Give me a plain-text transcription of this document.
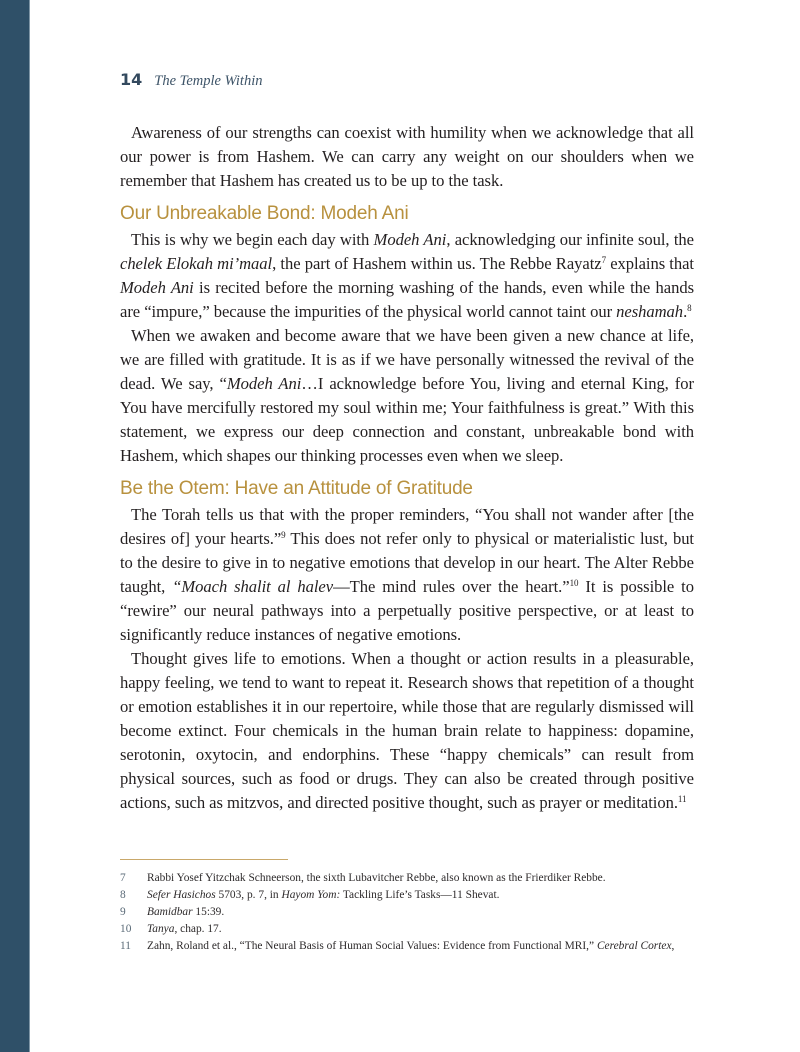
14 The Temple Within

Awareness of our strengths can coexist with humility when we acknowledge that all our power is from Hashem. We can carry any weight on our shoulders when we remember that Hashem has created us to be up to the task.

Our Unbreakable Bond: Modeh Ani

This is why we begin each day with Modeh Ani, acknowledging our infinite soul, the chelek Elokah mi’maal, the part of Hashem within us. The Rebbe Rayatz$^7$ explains that Modeh Ani is recited before the morning washing of the hands, even while the hands are “impure,” because the impurities of the physical world cannot taint our neshamah.$^8$

When we awaken and become aware that we have been given a new chance at life, we are filled with gratitude. It is as if we have personally witnessed the revival of the dead. We say, “Modeh Ani…I acknowledge before You, living and eternal King, for You have mercifully restored my soul within me; Your faithfulness is great.” With this statement, we express our deep connection and constant, unbreakable bond with Hashem, which shapes our thinking processes even when we sleep.

Be the Otem: Have an Attitude of Gratitude

The Torah tells us that with the proper reminders, “You shall not wander after [the desires of] your hearts.”$^9$ This does not refer only to physical or materialistic lust, but to the desire to give in to negative emotions that develop in our heart. The Alter Rebbe taught, “Moach shalit al halev—The mind rules over the heart.”$^{10}$ It is possible to “rewire” our neural pathways into a perpetually positive perspective, or at least to significantly reduce instances of negative emotions.

Thought gives life to emotions. When a thought or action results in a pleasurable, happy feeling, we tend to want to repeat it. Research shows that repetition of a thought or emotion establishes it in our repertoire, while those that are regularly dismissed will become extinct. Four chemicals in the human brain relate to happiness: dopamine, serotonin, oxytocin, and endorphins. These “happy chemicals” can result from physical sources, such as food or drugs. They can also be created through positive actions, such as mitzvos, and directed positive thought, such as prayer or meditation.$^{11}$

7	Rabbi Yosef Yitzchak Schneerson, the sixth Lubavitcher Rebbe, also known as the Frierdiker Rebbe.
8	Sefer Hasichos 5703, p. 7, in Hayom Yom: Tackling Life’s Tasks—11 Shevat.
9	Bamidbar 15:39.
10	Tanya, chap. 17.
11	Zahn, Roland et al., “The Neural Basis of Human Social Values: Evidence from Functional MRI,” Cerebral Cortex,
